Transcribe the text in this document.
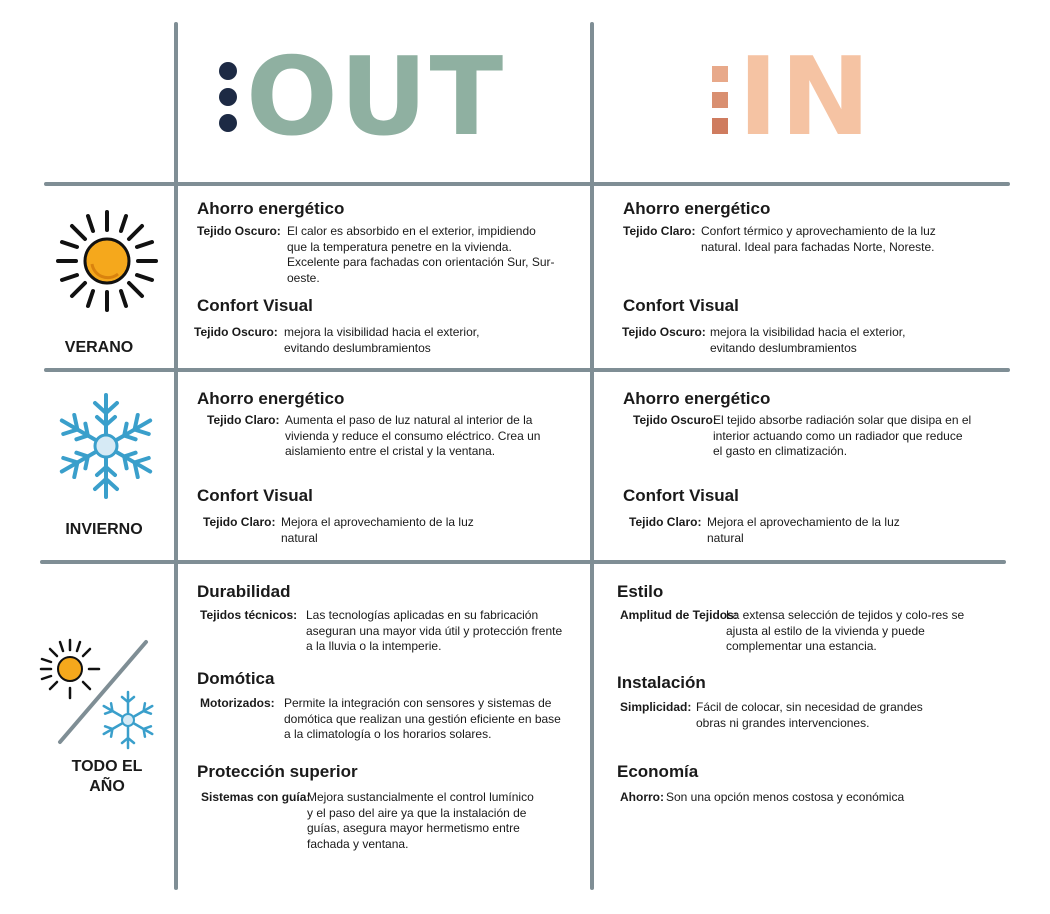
OUT IN
VERANO
INVIERNO
TODO EL
AÑO
Ahorro energético
Tejido Oscuro: El calor es absorbido en el exterior, impidiendo que la temperatura penetre en la vivienda. Excelente para fachadas con orientación Sur, Sur-oeste.
Confort Visual
Tejido Oscuro: mejora la visibilidad hacia el exterior, evitando deslumbramientos
Ahorro energético
Tejido Claro: Confort térmico y aprovechamiento de la luz natural. Ideal para fachadas Norte, Noreste.
Confort Visual
Tejido Oscuro: mejora la visibilidad hacia el exterior, evitando deslumbramientos
Ahorro energético
Tejido Claro: Aumenta el paso de luz natural al interior de la vivienda y reduce el consumo eléctrico. Crea un aislamiento entre el cristal y la ventana.
Confort Visual
Tejido Claro: Mejora el aprovechamiento de la luz natural
Ahorro energético
Tejido Oscuro:
El tejido absorbe radiación solar que disipa en el interior actuando como un radiador que reduce el gasto en climatización.
Confort Visual
Tejido Claro: Mejora el aprovechamiento de la luz natural
Durabilidad
Tejidos técnicos: Las tecnologías aplicadas en su fabricación aseguran una mayor vida útil y protección frente a la lluvia o la intemperie.
Domótica
Motorizados: Permite la integración con sensores y sistemas de domótica que realizan una gestión eficiente en base a la climatología o los horarios solares.
Protección superior
Sistemas con guía:
Mejora sustancialmente el control lumínico y el paso del aire ya que la instalación de guías, asegura mayor hermetismo entre fachada y ventana.
Estilo
Amplitud de Tejidos:
La extensa selección de tejidos y colo-res se ajusta al estilo de la vivienda y puede complementar una estancia.
Instalación
Simplicidad: Fácil de colocar, sin necesidad de grandes obras ni grandes intervenciones.
Economía
Ahorro: Son una opción menos costosa y económica
